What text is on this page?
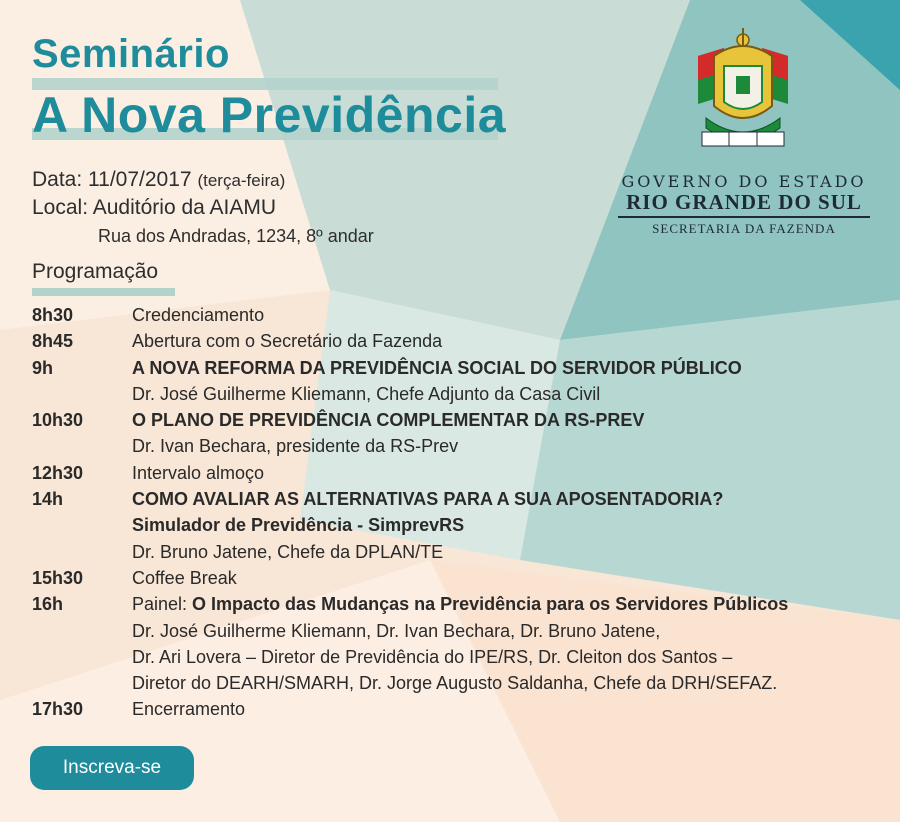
Seminário
A Nova Previdência
Data: 11/07/2017 (terça-feira)
Local: Auditório da AIAMU
Rua dos Andradas, 1234, 8º andar
Programação
8h30	Credenciamento
8h45	Abertura com o Secretário da Fazenda
9h	A NOVA REFORMA DA PREVIDÊNCIA SOCIAL DO SERVIDOR PÚBLICO
Dr. José Guilherme Kliemann, Chefe Adjunto da Casa Civil
10h30	O PLANO DE PREVIDÊNCIA COMPLEMENTAR DA RS-PREV
Dr. Ivan Bechara, presidente da RS-Prev
12h30	Intervalo almoço
14h	COMO AVALIAR AS ALTERNATIVAS PARA A SUA APOSENTADORIA?
Simulador de Previdência - SimprevRS
Dr. Bruno Jatene, Chefe da DPLAN/TE
15h30	Coffee Break
16h	Painel: O Impacto das Mudanças na Previdência para os Servidores Públicos
Dr. José Guilherme Kliemann, Dr. Ivan Bechara, Dr. Bruno Jatene,
Dr. Ari Lovera – Diretor de Previdência do IPE/RS, Dr. Cleiton dos Santos –
Diretor do DEARH/SMARH, Dr. Jorge Augusto Saldanha, Chefe da DRH/SEFAZ.
17h30	Encerramento
Inscreva-se
GOVERNO DO ESTADO
RIO GRANDE DO SUL
SECRETARIA DA FAZENDA
